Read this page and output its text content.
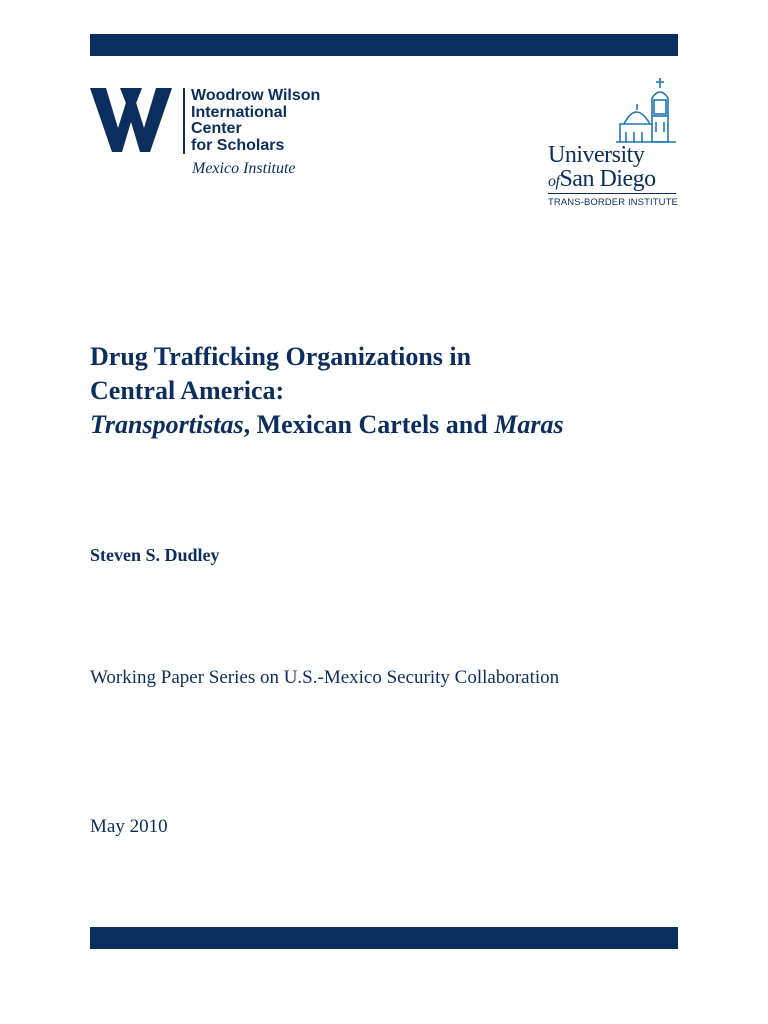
Woodrow Wilson
International
Center
for Scholars
Mexico Institute
University
ofSan Diego
TRANS-BORDER INSTITUTE
Drug Trafficking Organizations in
Central America:
Transportistas, Mexican Cartels and Maras
Steven S. Dudley
Working Paper Series on U.S.-Mexico Security Collaboration
May 2010
